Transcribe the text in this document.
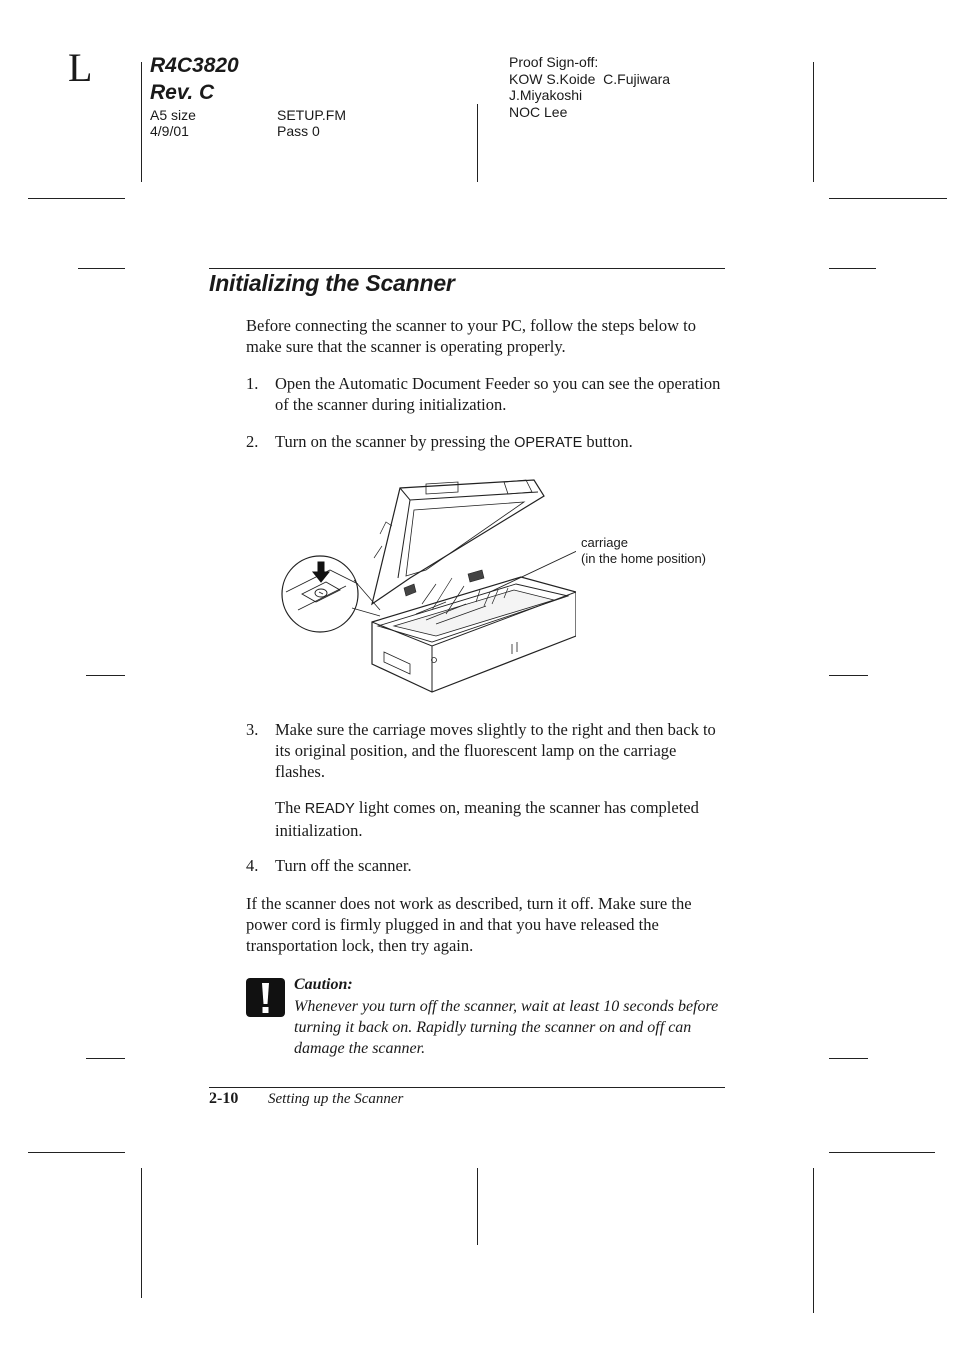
L	R4C3820
Rev. C
A5 size
4/9/01
SETUP.FM
Pass 0
Proof Sign-off:
KOW S.Koide  C.Fujiwara
J.Miyakoshi
NOC Lee
Initializing the Scanner
Before connecting the scanner to your PC, follow the steps below to make sure that the scanner is operating properly.
1. Open the Automatic Document Feeder so you can see the operation of the scanner during initialization.
2. Turn on the scanner by pressing the OPERATE button.
carriage
(in the home position)
3. Make sure the carriage moves slightly to the right and then back to its original position, and the fluorescent lamp on the carriage flashes.
The READY light comes on, meaning the scanner has completed initialization.
4. Turn off the scanner.
If the scanner does not work as described, turn it off. Make sure the power cord is firmly plugged in and that you have released the transportation lock, then try again.
Caution:
Whenever you turn off the scanner, wait at least 10 seconds before turning it back on. Rapidly turning the scanner on and off can damage the scanner.
2-10 Setting up the Scanner
